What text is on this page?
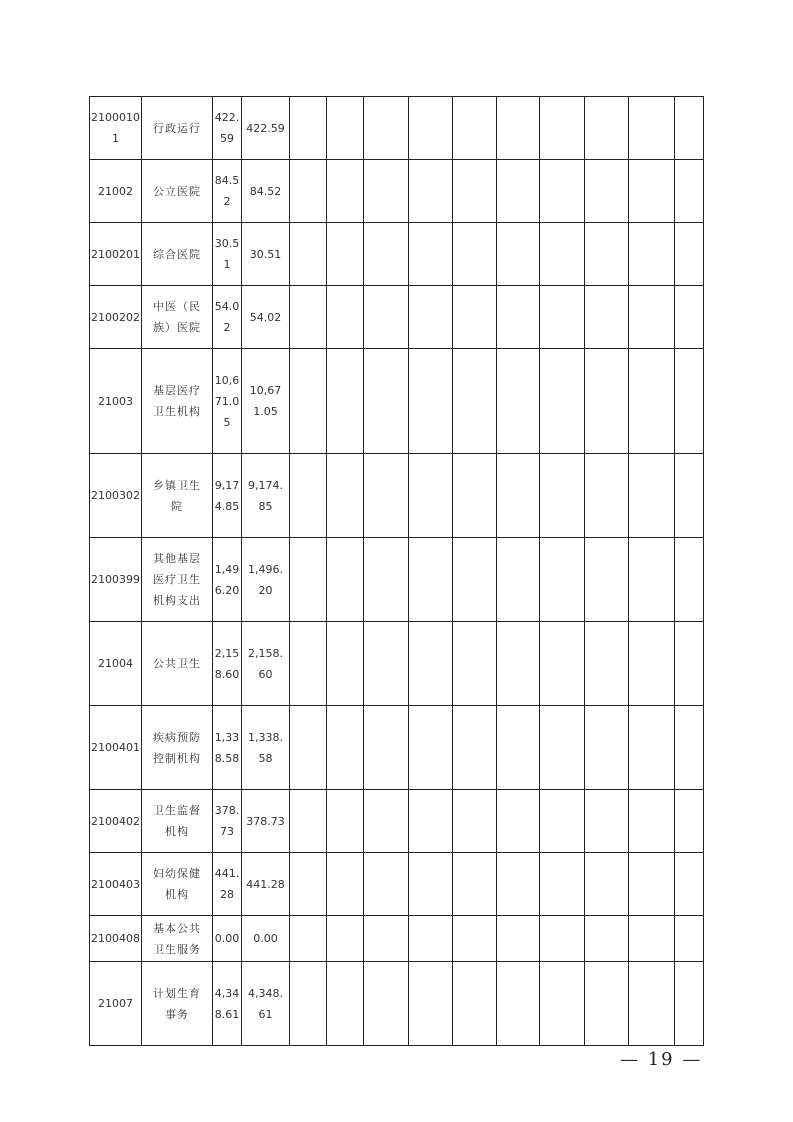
21000101	行政运行	422.59	422.59										
21002	公立医院	84.52	84.52										
2100201	综合医院	30.51	30.51										
2100202	中医（民族）医院	54.02	54.02										
21003	基层医疗卫生机构	10,671.05	10,671.05										
2100302	乡镇卫生院	9,174.85	9,174.85										
2100399	其他基层医疗卫生机构支出	1,496.20	1,496.20										
21004	公共卫生	2,158.60	2,158.60										
2100401	疾病预防控制机构	1,338.58	1,338.58										
2100402	卫生监督机构	378.73	378.73										
2100403	妇幼保健机构	441.28	441.28										
2100408	基本公共卫生服务	0.00	0.00										
21007	计划生育事务	4,348.61	4,348.61										
— 19 —
